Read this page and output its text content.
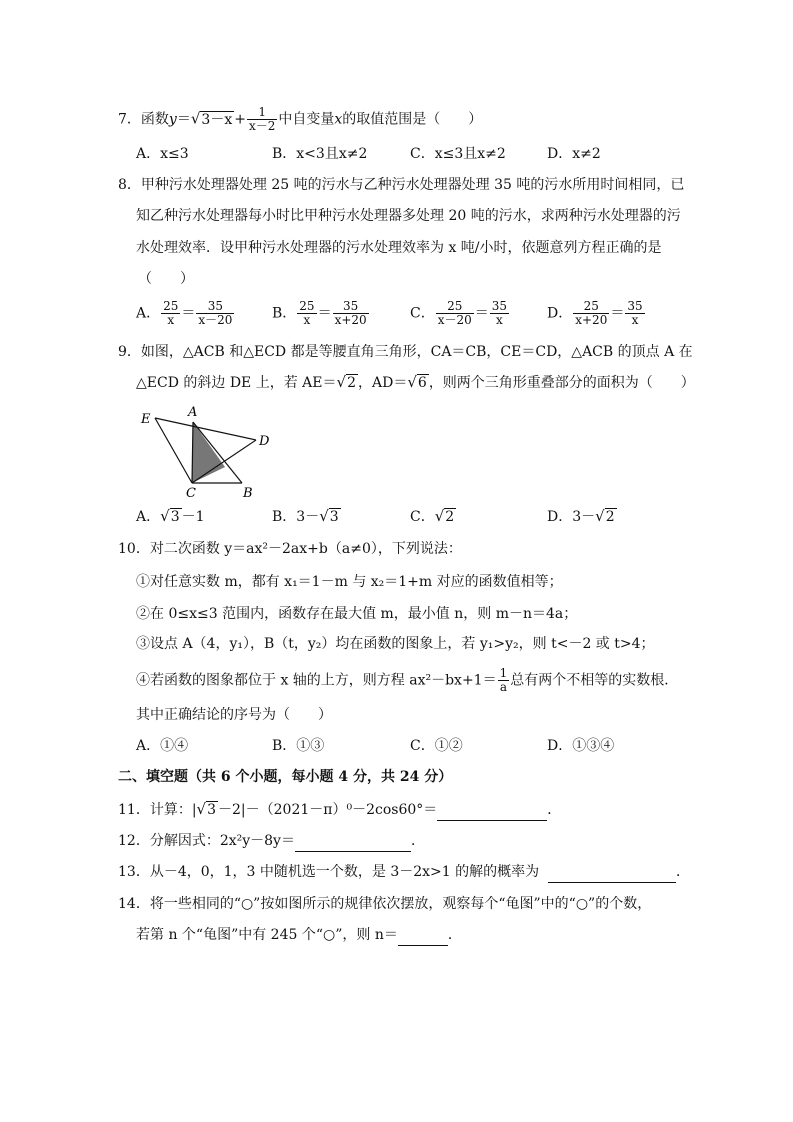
7．函数$y=√3-x + \frac{1}{x-2}$ 中自变量x的取值范围是（　　）
A．x≤3	B．x<3且x≠2	C．x≤3且x≠2	D．x≠2
8．甲种污水处理器处理 25 吨的污水与乙种污水处理器处理 35 吨的污水所用时间相同，已
知乙种污水处理器每小时比甲种污水处理器多处理 20 吨的污水，求两种污水处理器的污
水处理效率．设甲种污水处理器的污水处理效率为 x 吨/小时，依题意列方程正确的是
（　　）
A． $\frac{25}{x} = \frac{35}{x-20}$	B． $\frac{25}{x} = \frac{35}{x+20}$	C． $\frac{25}{x-20} = \frac{35}{x}$	D． $\frac{25}{x+20} = \frac{35}{x}$
9．如图，△ACB 和△ECD 都是等腰直角三角形，CA＝CB，CE＝CD，△ACB 的顶点 A 在
△ECD 的斜边 DE 上，若 AE＝√2 ，AD＝√6 ，则两个三角形重叠部分的面积为（　　）
E	A
D
C	B
A．√3 －1	B．3－√3	C．√2	D．3－√2
10．对二次函数 y＝ax²－2ax+b（a≠0），下列说法：
①对任意实数 m，都有 x₁＝1－m 与 x₂＝1+m 对应的函数值相等；
②在 0≤x≤3 范围内，函数存在最大值 m，最小值 n，则 m－n＝4a；
③设点 A（4，y₁），B（t，y₂）均在函数的图象上，若 y₁>y₂，则 t<－2 或 t>4；
④若函数的图象都位于 x 轴的上方，则方程 $ax^2-bx+1= \frac{1}{a}$ 总有两个不相等的实数根．
其中正确结论的序号为（　　）
A．①④	B．①③	C．①②	D．①③④
二、填空题（共 6 个小题，每小题 4 分，共 24 分）
11．计算：|√3 －2|－（2021－π）⁰－2cos60°＝	．
12．分解因式：2x²y－8y＝	．
13．从－4，0，1，3 中随机选一个数，是 3－2x>1 的解的概率为	．
14．将一些相同的“○”按如图所示的规律依次摆放，观察每个“龟图”中的“○”的个数，
若第 n 个“龟图”中有 245 个“○”，则 n＝	．
